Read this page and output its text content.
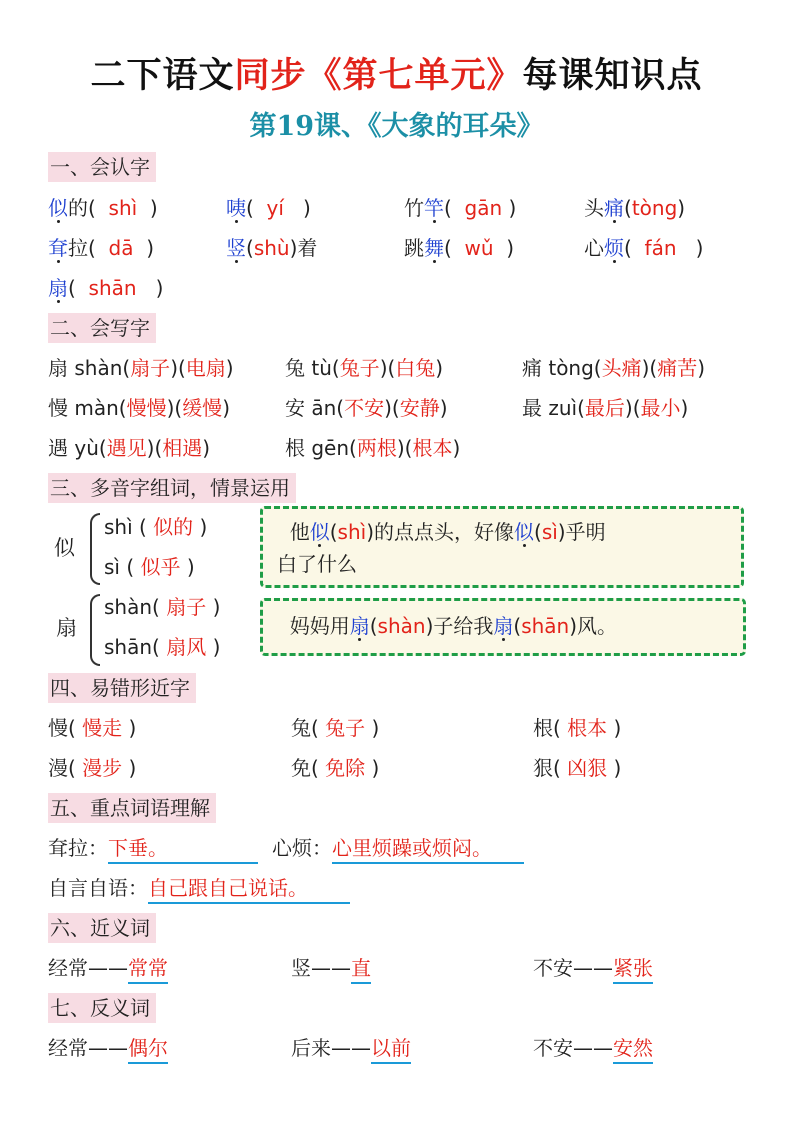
二下语文同步《第七单元》每课知识点
第19课、《大象的耳朵》
一、会认字
似的( shì )	咦( yí )	竹竿( gān )	头痛(tòng)
耷拉( dā )	竖(shù)着	跳舞( wǔ )	心烦( fán )
扇( shān )
二、会写字
扇 shàn(扇子)(电扇)	兔 tù(兔子)(白兔)	痛 tòng(头痛)(痛苦)
慢 màn(慢慢)(缓慢)	安 ān(不安)(安静)	最 zuì(最后)(最小)
遇 yù(遇见)(相遇)	根 gēn(两根)(根本)
三、多音字组词，情景运用
似
shì ( 似的 )
sì ( 似乎 )
他似(shì)的点点头，好像似(sì)乎明
白了什么
扇
shàn( 扇子 )
shān( 扇风 )
妈妈用扇(shàn)子给我扇(shān)风。
四、易错形近字
慢( 慢走 )	兔( 兔子 )	根( 根本 )
漫( 漫步 )	免( 免除 )	狠( 凶狠 )
五、重点词语理解
耷拉：下垂。	心烦：心里烦躁或烦闷。
自言自语：自己跟自己说话。
六、近义词
经常——常常	竖——直	不安——紧张
七、反义词
经常——偶尔	后来——以前	不安——安然
